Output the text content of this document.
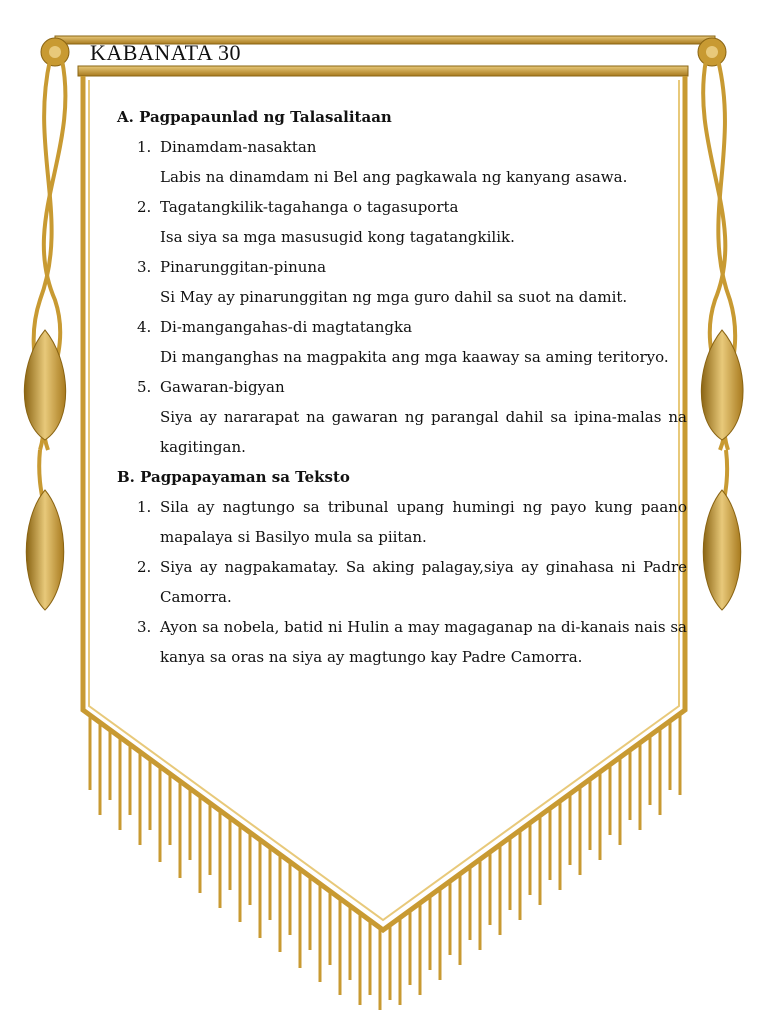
KABANATA 30

A. Pagpapaunlad ng Talasalitaan

1. Dinamdam-nasaktan

Labis na dinamdam ni Bel ang pagkawala ng kanyang asawa.

2. Tagatangkilik-tagahanga o tagasuporta

Isa siya sa mga masusugid kong tagatangkilik.

3. Pinarunggitan-pinuna

Si May ay pinarunggitan ng mga guro dahil sa suot na damit.

4. Di-mangangahas-di magtatangka

Di manganghas na magpakita ang mga kaaway sa aming teritoryo.

5. Gawaran-bigyan

Siya ay nararapat na gawaran ng parangal dahil sa ipina-malas na kagitingan.

B. Pagpapayaman sa Teksto

1. Sila ay nagtungo sa tribunal upang humingi ng payo kung paano mapalaya si Basilyo mula sa piitan.

2. Siya ay nagpakamatay. Sa aking palagay,siya ay ginahasa ni Padre Camorra.

3. Ayon sa nobela, batid ni Hulin a may magaganap na di-kanais nais sa kanya sa oras na siya ay magtungo kay Padre Camorra.
